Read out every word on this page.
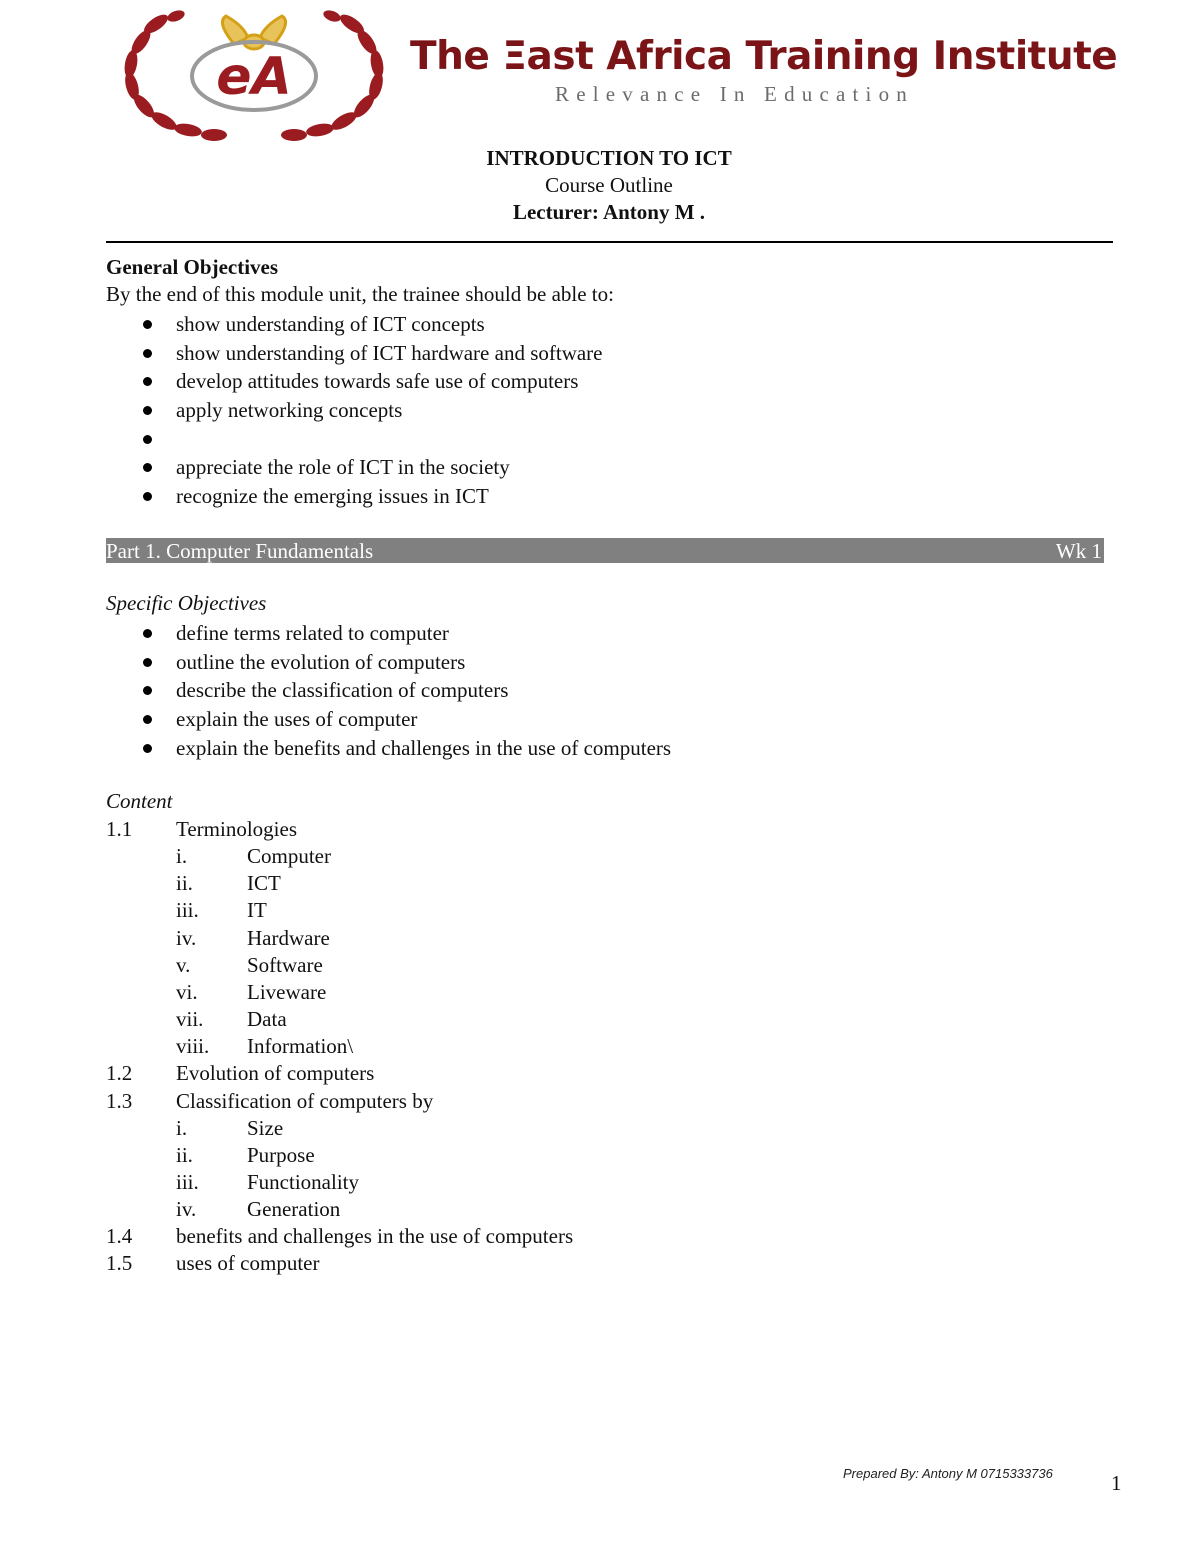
eA	The Ξast Africa Training Institute
Relevance In Education
INTRODUCTION TO ICT
Course Outline
Lecturer: Antony M .
General Objectives
By the end of this module unit, the trainee should be able to:
show understanding of ICT concepts
show understanding of ICT hardware and software
develop attitudes towards safe use of computers
apply networking concepts
appreciate the role of ICT in the society
recognize the emerging issues in ICT
Part 1. Computer Fundamentals	Wk 1
Specific Objectives
define terms related to computer
outline the evolution of computers
describe the classification of computers
explain the uses of computer
explain the benefits and challenges in the use of computers
Content
1.1 Terminologies
i.	Computer
ii.	ICT
iii. IT
iv. Hardware
v.	Software
vi. Liveware
vii. Data
viii. Information\
1.2 Evolution of computers
1.3 Classification of computers by
i.	Size
ii.	Purpose
iii. Functionality
iv. Generation
1.4 benefits and challenges in the use of computers
1.5 uses of computer
Prepared By: Antony M 0715333736	1
